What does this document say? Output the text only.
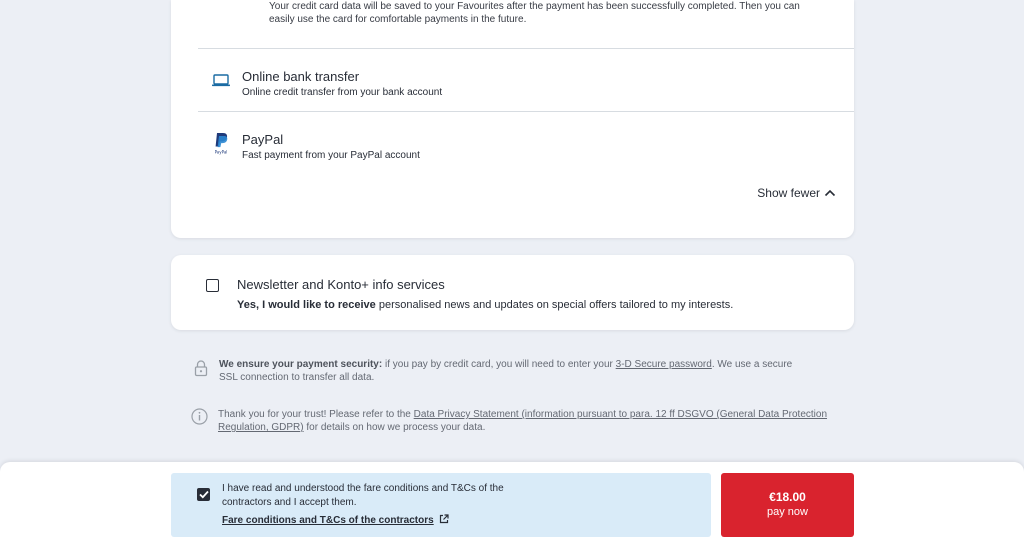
Your credit card data will be saved to your Favourites after the payment has been successfully completed. Then you can easily use the card for comfortable payments in the future.
Online bank transfer
Online credit transfer from your bank account
PayPal
PayPal
Fast payment from your PayPal account
Show fewer
Newsletter and Konto+ info services
Yes, I would like to receive personalised news and updates on special offers tailored to my interests.
We ensure your payment security: if you pay by credit card, you will need to enter your 3-D Secure password. We use a secure SSL connection to transfer all data.
Thank you for your trust! Please refer to the Data Privacy Statement (information pursuant to para. 12 ff DSGVO (General Data Protection Regulation, GDPR) for details on how we process your data.
I have read and understood the fare conditions and T&Cs of the contractors and I accept them.
Fare conditions and T&Cs of the contractors
€18.00
pay now
